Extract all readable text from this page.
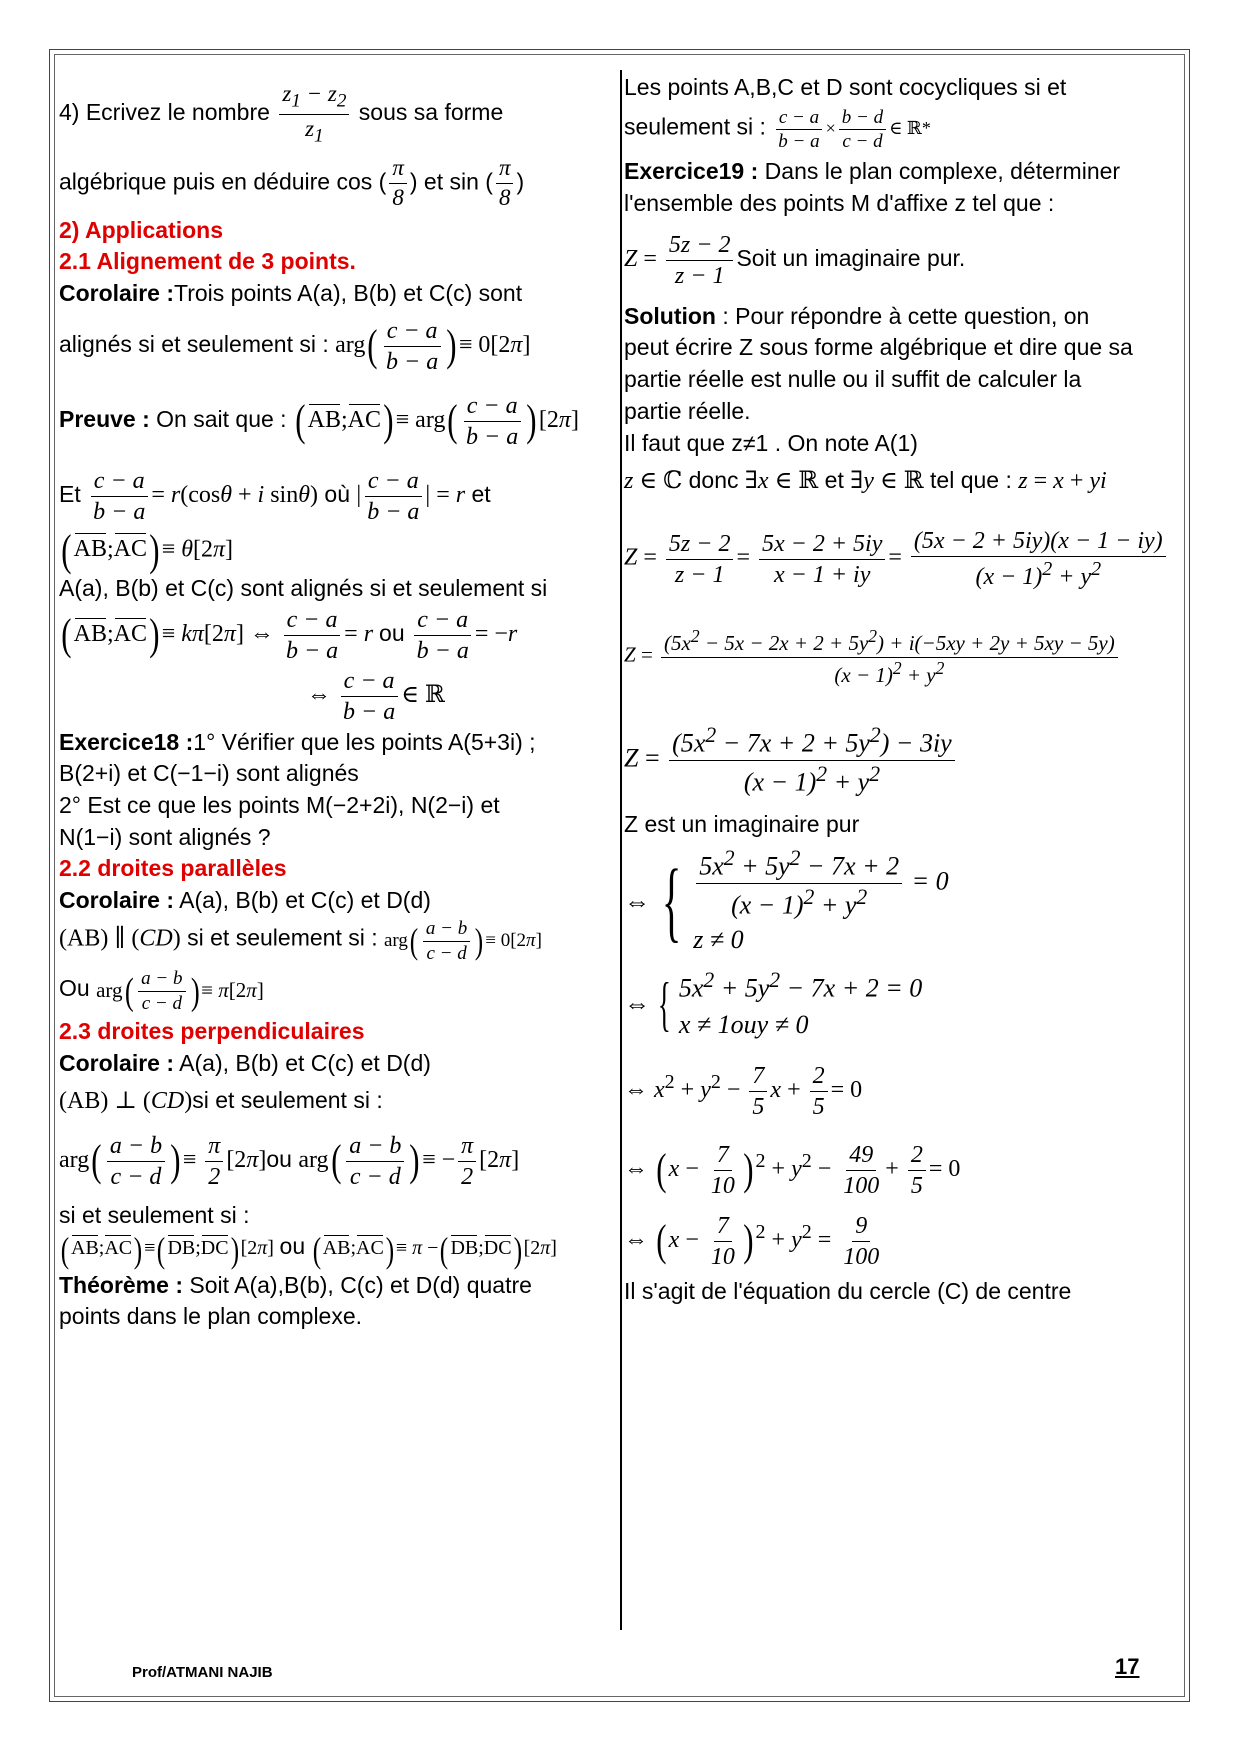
4) Ecrivez le nombre $\frac{z_1 - z_2}{z_1}$ sous sa forme
algébrique puis en déduire cos ( $\frac{\pi}{8}$ ) et sin ( $\frac{\pi}{8}$ )
2) Applications
2.1 Alignement de 3 points.
Corolaire :Trois points A(a), B(b) et C(c) sont
alignés si et seulement si : $arg( \frac{c - a}{b - a}$ )≡ 0[2π]
Preuve : On sait que : (AB;AC)≡ $arg( \frac{c - a}{b - a} )[2\pi]$
Et $\frac{c - a}{b - a} = r(\cos\theta + i$ sinθ) où | $\frac{c - a}{b - a}$ | = r et
(AB;AC)≡ θ[2π]
A(a), B(b) et C(c) sont alignés si et seulement si
(AB;AC)≡ kπ[2π] ⇔ $\frac{c - a}{b - a} = r$ ou $\frac{c - a}{b - a} = -r$
⇔ $\frac{c - a}{b - a}$ ∈ ℝ
Exercice18 :1° Vérifier que les points A(5+3i) ;
B(2+i) et C(−1−i) sont alignés
2° Est ce que les points M(−2+2i), N(2−i) et
N(1−i) sont alignés ?
2.2 droites parallèles
Corolaire : A(a), B(b) et C(c) et D(d)
(AB) ∥ (CD) si et seulement si : $arg( \frac{a - b}{c - d}$ )≡ 0[2π]
Ou $arg( \frac{a - b}{c - d}$ )≡ π[2π]
2.3 droites perpendiculaires
Corolaire : A(a), B(b) et C(c) et D(d)
(AB) ⊥ (CD)si et seulement si :
$arg( \frac{a - b}{c - d}$ )≡ $\frac{\pi}{2} [2\pi]ou$ $arg( \frac{a - b}{c - d}$ )≡ − $\frac{\pi}{2} [2\pi]$
si et seulement si :
(AB;AC)≡(DB;DC)[2π] ou (AB;AC)≡ π −(DB;DC)[2π]
Théorème : Soit A(a),B(b), C(c) et D(d) quatre
points dans le plan complexe.
Les points A,B,C et D sont cocycliques si et
seulement si : $\frac{c - a}{b - a} \times \frac{b - d}{c - d}$ ∈ ℝ*
Exercice19 : Dans le plan complexe, déterminer
l'ensemble des points M d'affixe z tel que :
$Z = \frac{5z - 2}{z - 1}$ Soit un imaginaire pur.
Solution : Pour répondre à cette question, on
peut écrire Z sous forme algébrique et dire que sa
partie réelle est nulle ou il suffit de calculer la
partie réelle.
Il faut que z≠1 . On note A(1)
z ∈ ℂ donc ∃x ∈ ℝ et ∃y ∈ ℝ tel que : z = x + yi
$Z = \frac{5z - 2}{z - 1} = \frac{5x - 2 + 5iy}{x - 1 + iy} = \frac{(5x - 2 + 5iy)(x - 1 - iy)}{(x - 1)^2 + y^2}$
$Z = \frac{(5x^2 - 5x - 2x + 2 + 5y^2) + i(-5xy + 2y + 5xy - 5y)}{(x - 1)^2 + y^2}$
$Z = \frac{(5x^2 - 7x + 2 + 5y^2) - 3iy}{(x - 1)^2 + y^2}$
Z est un imaginaire pur
⇔ { $\frac{5x^2 + 5y^2 - 7x + 2}{(x - 1)^2 + y^2} = 0$
z ≠ 0
⇔ { $5x^2 + 5y^2 - 7x + 2 = 0$
x ≠ 1ouy ≠ 0
⇔ $x^2 + y^2 - \frac{7}{5}$ $x + \frac{2}{5} = 0$
⇔ ($x - \frac{7}{10}$ ) $^2 + y^2 - \frac{49}{100} + \frac{2}{5} = 0$
⇔ ($x - \frac{7}{10}$ ) $^2 + y^2 = \frac{9}{100}$
Il s'agit de l'équation du cercle (C) de centre
Prof/ATMANI NAJIB	17
